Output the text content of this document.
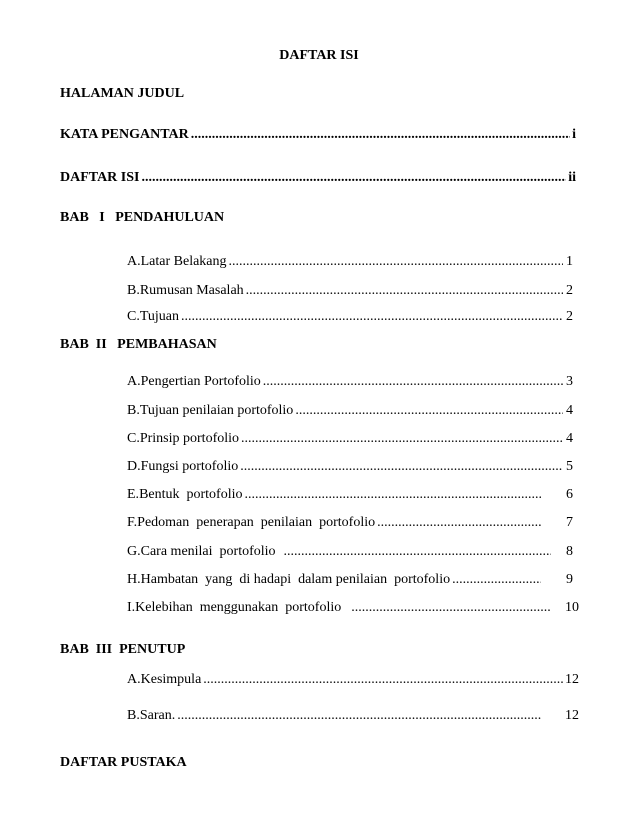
DAFTAR ISI
HALAMAN JUDUL
KATA PENGANTAR .....	i
DAFTAR ISI .....	ii
BAB   I   PENDAHULUAN
A. Latar Belakang .....	1
B. Rumusan Masalah .....	2
C. Tujuan .....	2
BAB  II   PEMBAHASAN
A. Pengertian Portofolio .....	3
B. Tujuan penilaian portofolio .....	4
C. Prinsip portofolio .....	4
D. Fungsi portofolio .....	5
E. Bentuk  portofolio .....	6
F. Pedoman  penerapan  penilaian  portofolio .....	7
G. Cara menilai  portofolio .....	8
H. Hambatan  yang  di hadapi  dalam penilaian  portofolio .....	9
I. Kelebihan  menggunakan  portofolio .....	10
BAB  III  PENUTUP
A. Kesimpula .....	12
B. Saran. .....	12
DAFTAR PUSTAKA
